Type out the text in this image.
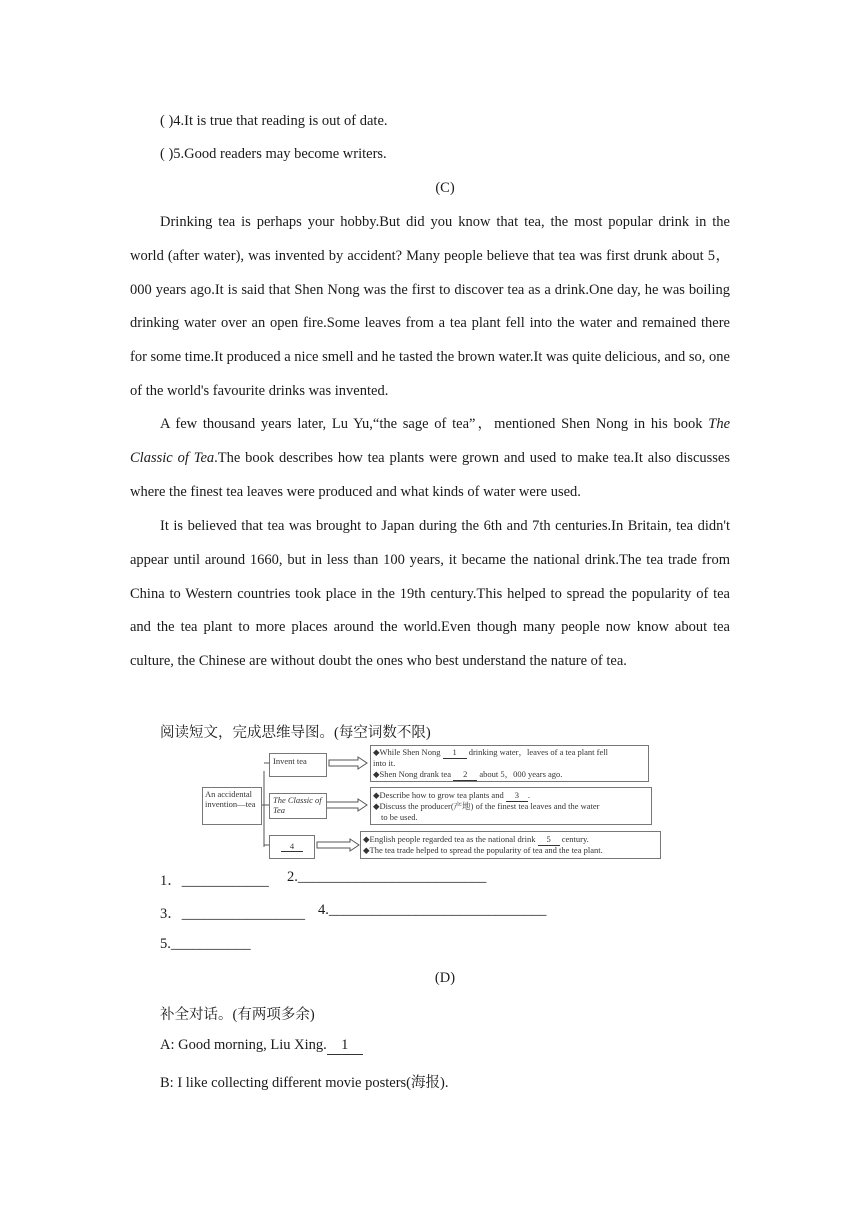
( )4.It is true that reading is out of date.
( )5.Good readers may become writers.
(C)
Drinking tea is perhaps your hobby.But did you know that tea, the most popular drink in the world (after water), was invented by accident? Many people believe that tea was first drunk about 5，000 years ago.It is said that Shen Nong was the first to discover tea as a drink.One day, he was boiling drinking water over an open fire.Some leaves from a tea plant fell into the water and remained there for some time.It produced a nice smell and he tasted the brown water.It was quite delicious, and so, one of the world's favourite drinks was invented.
A few thousand years later, Lu Yu,“the sage of tea”，mentioned Shen Nong in his book The Classic of Tea.The book describes how tea plants were grown and used to make tea.It also discusses where the finest tea leaves were produced and what kinds of water were used.
It is believed that tea was brought to Japan during the 6th and 7th centuries.In Britain, tea didn't appear until around 1660, but in less than 100 years, it became the national drink.The tea trade from China to Western countries took place in the 19th century.This helped to spread the popularity of tea and the tea plant to more places around the world.Even though many people now know about tea culture, the Chinese are without doubt the ones who best understand the nature of tea.
阅读短文，完成思维导图。(每空词数不限)
An accidental invention—tea
Invent tea
The Classic of Tea
4
◆While Shen Nong 1 drinking water，leaves of a tea plant fell
into it.
◆Shen Nong drank tea 2 about 5，000 years ago.
◆Describe how to grow tea plants and 3 .
◆Discuss the producer(产地) of the finest tea leaves and the water
to be used.
◆English people regarded tea as the national drink 5 century.
◆The tea trade helped to spread the popularity of tea and the tea plant.
1．____________ 2.__________________________
3．_________________ 4.______________________________
5.___________
(D)
补全对话。(有两项多余)
A: Good morning, Liu Xing. 1
B: I like collecting different movie posters(海报).
